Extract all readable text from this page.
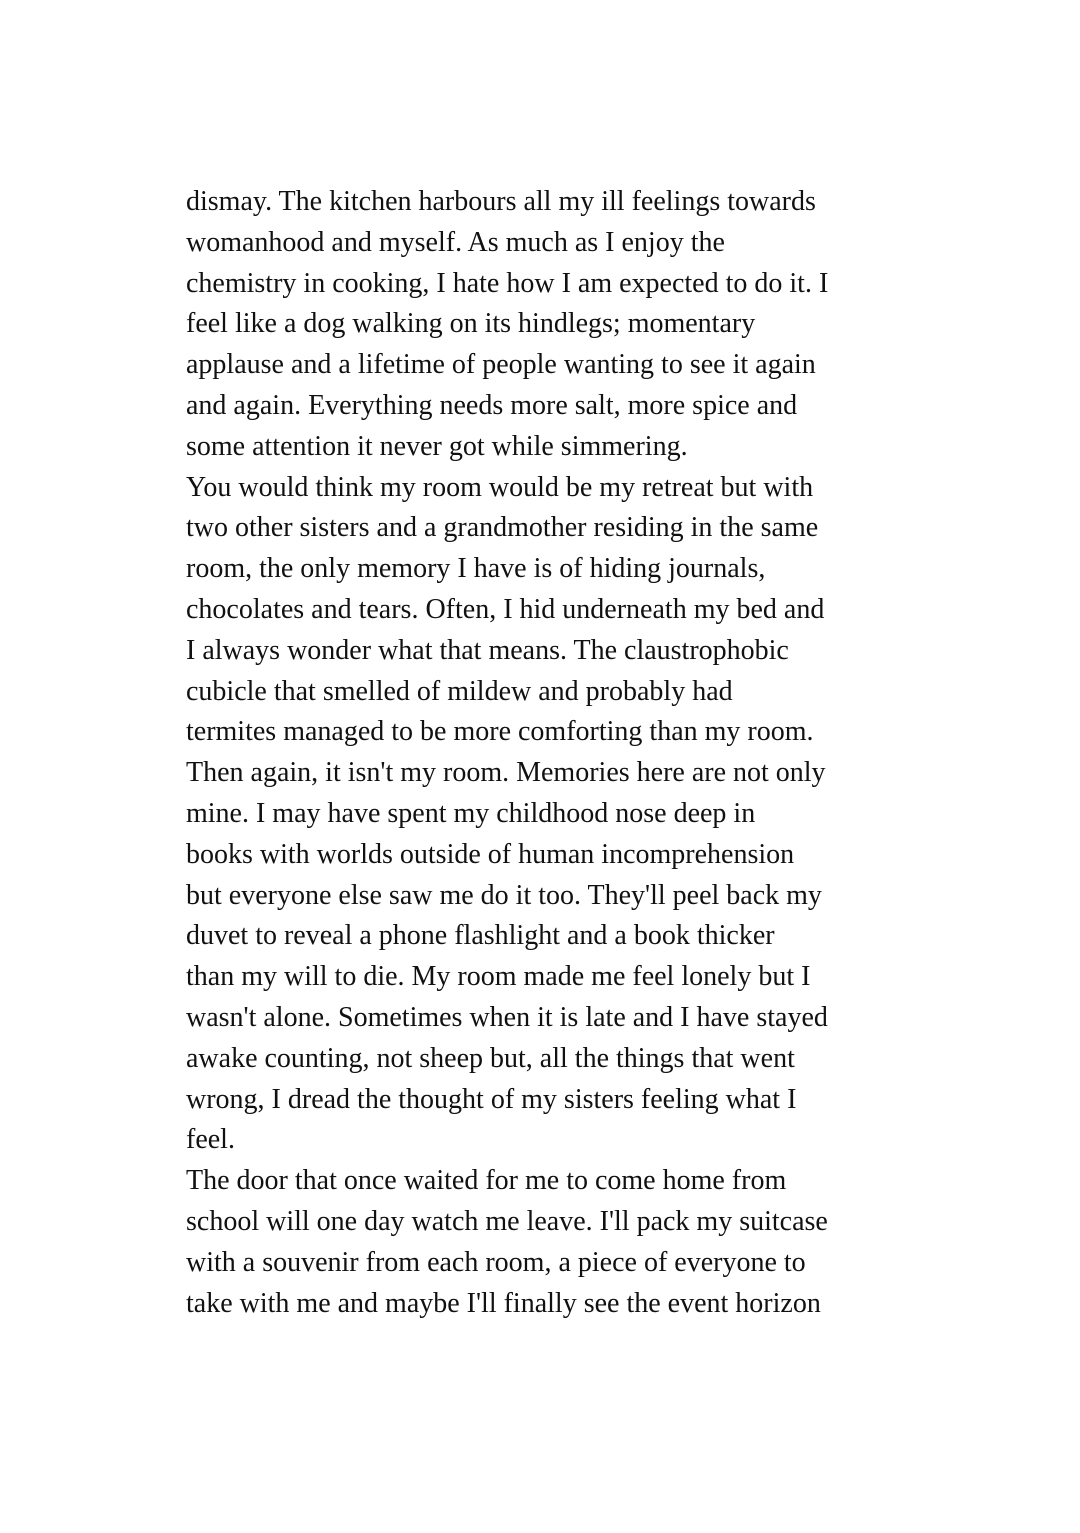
dismay. The kitchen harbours all my ill feelings towards
womanhood and myself. As much as I enjoy the
chemistry in cooking, I hate how I am expected to do it. I
feel like a dog walking on its hindlegs; momentary
applause and a lifetime of people wanting to see it again
and again. Everything needs more salt, more spice and
some attention it never got while simmering.
You would think my room would be my retreat but with
two other sisters and a grandmother residing in the same
room, the only memory I have is of hiding journals,
chocolates and tears. Often, I hid underneath my bed and
I always wonder what that means. The claustrophobic
cubicle that smelled of mildew and probably had
termites managed to be more comforting than my room.
Then again, it isn't my room. Memories here are not only
mine. I may have spent my childhood nose deep in
books with worlds outside of human incomprehension
but everyone else saw me do it too. They'll peel back my
duvet to reveal a phone flashlight and a book thicker
than my will to die. My room made me feel lonely but I
wasn't alone. Sometimes when it is late and I have stayed
awake counting, not sheep but, all the things that went
wrong, I dread the thought of my sisters feeling what I
feel.
The door that once waited for me to come home from
school will one day watch me leave. I'll pack my suitcase
with a souvenir from each room, a piece of everyone to
take with me and maybe I'll finally see the event horizon
